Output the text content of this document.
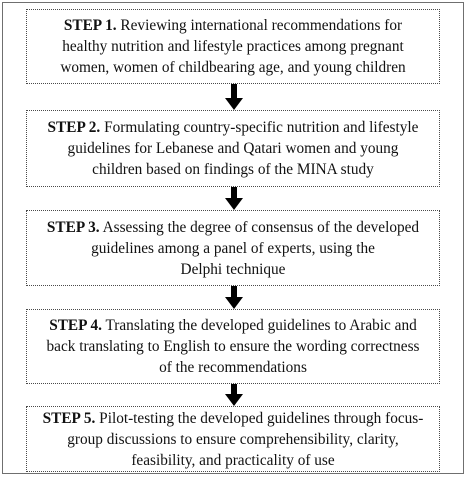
STEP 1. Reviewing international recommendations for
healthy nutrition and lifestyle practices among pregnant
women, women of childbearing age, and young children

STEP 2. Formulating country-specific nutrition and lifestyle
guidelines for Lebanese and Qatari women and young
children based on findings of the MINA study

STEP 3. Assessing the degree of consensus of the developed
guidelines among a panel of experts, using the
Delphi technique

STEP 4. Translating the developed guidelines to Arabic and
back translating to English to ensure the wording correctness
of the recommendations

STEP 5. Pilot-testing the developed guidelines through focus-
group discussions to ensure comprehensibility, clarity,
feasibility, and practicality of use
